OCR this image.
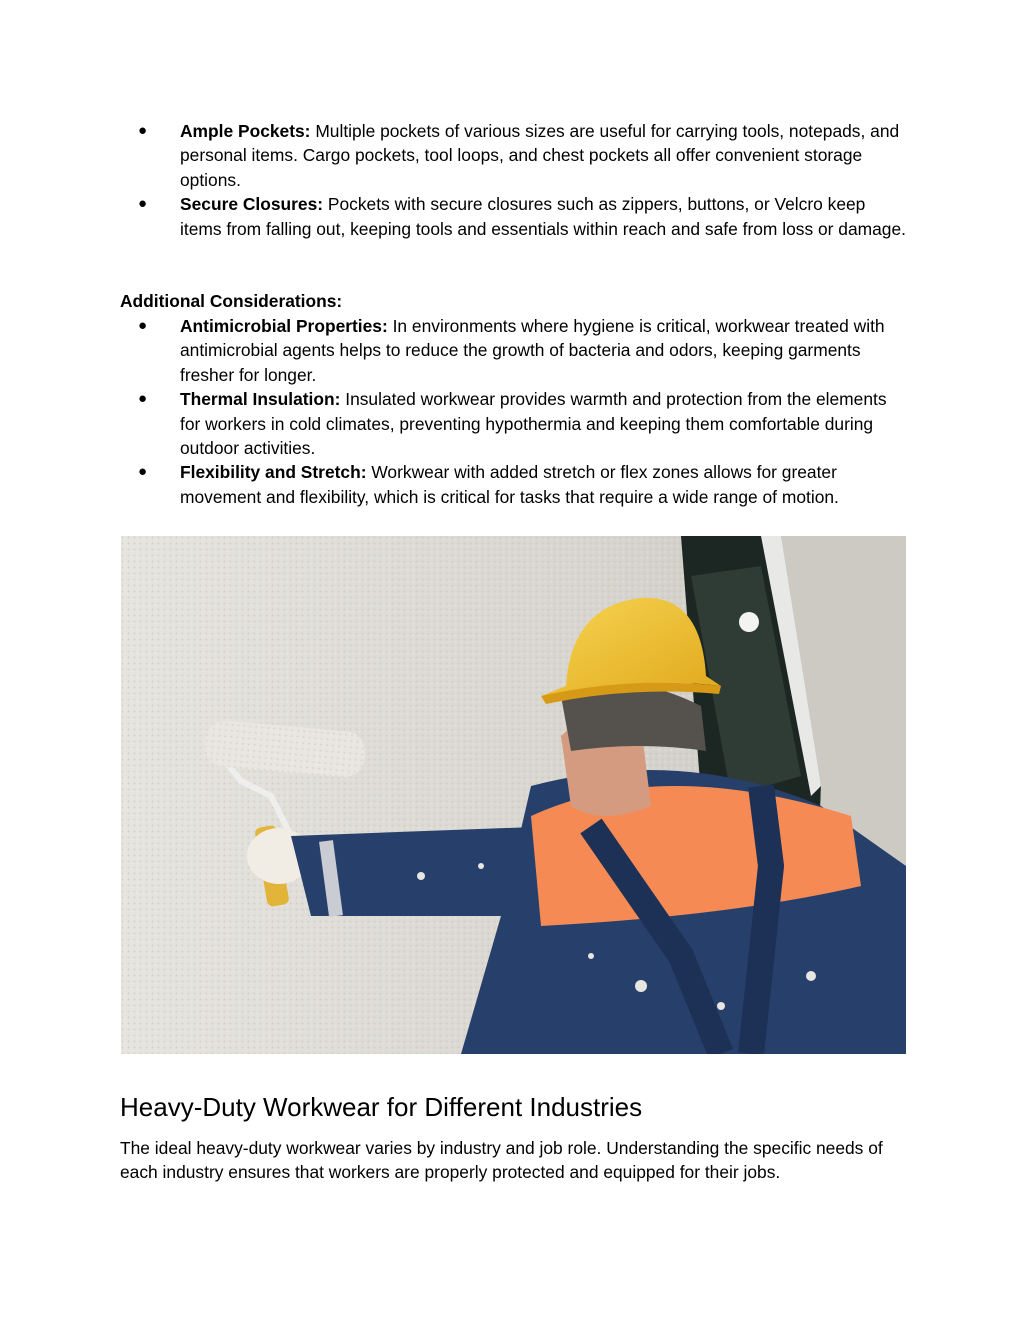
● Ample Pockets: Multiple pockets of various sizes are useful for carrying tools, notepads, and personal items. Cargo pockets, tool loops, and chest pockets all offer convenient storage options.
● Secure Closures: Pockets with secure closures such as zippers, buttons, or Velcro keep items from falling out, keeping tools and essentials within reach and safe from loss or damage.

Additional Considerations:

● Antimicrobial Properties: In environments where hygiene is critical, workwear treated with antimicrobial agents helps to reduce the growth of bacteria and odors, keeping garments fresher for longer.
● Thermal Insulation: Insulated workwear provides warmth and protection from the elements for workers in cold climates, preventing hypothermia and keeping them comfortable during outdoor activities.
● Flexibility and Stretch: Workwear with added stretch or flex zones allows for greater movement and flexibility, which is critical for tasks that require a wide range of motion.
Heavy-Duty Workwear for Different Industries

The ideal heavy-duty workwear varies by industry and job role. Understanding the specific needs of each industry ensures that workers are properly protected and equipped for their jobs.
